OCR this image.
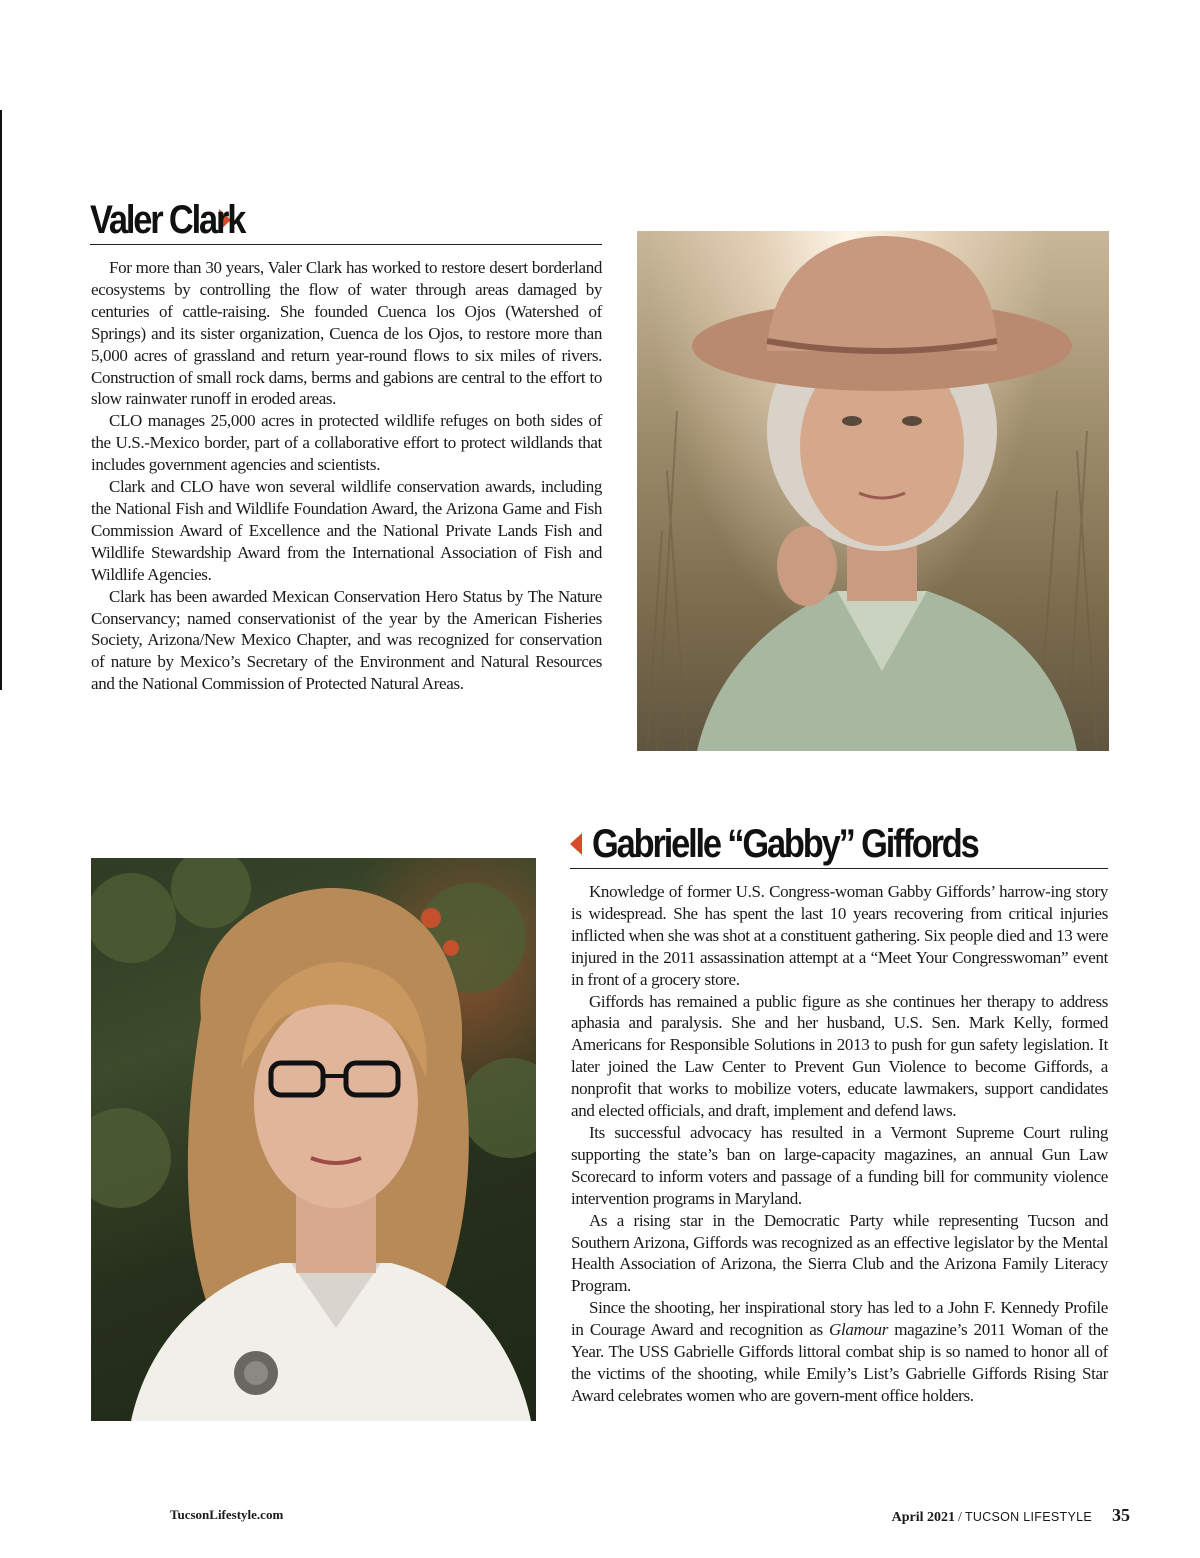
Valer Clark

For more than 30 years, Valer Clark has worked to restore desert borderland ecosystems by controlling the flow of water through areas damaged by centuries of cattle-raising. She founded Cuenca los Ojos (Watershed of Springs) and its sister organization, Cuenca de los Ojos, to restore more than 5,000 acres of grassland and return year-round flows to six miles of rivers. Construction of small rock dams, berms and gabions are central to the effort to slow rainwater runoff in eroded areas.

CLO manages 25,000 acres in protected wildlife refuges on both sides of the U.S.-Mexico border, part of a collaborative effort to protect wildlands that includes government agencies and scientists.

Clark and CLO have won several wildlife conservation awards, including the National Fish and Wildlife Foundation Award, the Arizona Game and Fish Commission Award of Excellence and the National Private Lands Fish and Wildlife Stewardship Award from the International Association of Fish and Wildlife Agencies.

Clark has been awarded Mexican Conservation Hero Status by The Nature Conservancy; named conservationist of the year by the American Fisheries Society, Arizona/New Mexico Chapter, and was recognized for conservation of nature by Mexico’s Secretary of the Environment and Natural Resources and the National Commission of Protected Natural Areas.

Gabrielle “Gabby” Giffords

Knowledge of former U.S. Congress-woman Gabby Giffords’ harrow-ing story is widespread. She has spent the last 10 years recovering from critical injuries inflicted when she was shot at a constituent gathering. Six people died and 13 were injured in the 2011 assassination attempt at a “Meet Your Congresswoman” event in front of a grocery store.

Giffords has remained a public figure as she continues her therapy to address aphasia and paralysis. She and her husband, U.S. Sen. Mark Kelly, formed Americans for Responsible Solutions in 2013 to push for gun safety legislation. It later joined the Law Center to Prevent Gun Violence to become Giffords, a nonprofit that works to mobilize voters, educate lawmakers, support candidates and elected officials, and draft, implement and defend laws.

Its successful advocacy has resulted in a Vermont Supreme Court ruling supporting the state’s ban on large-capacity magazines, an annual Gun Law Scorecard to inform voters and passage of a funding bill for community violence intervention programs in Maryland.

As a rising star in the Democratic Party while representing Tucson and Southern Arizona, Giffords was recognized as an effective legislator by the Mental Health Association of Arizona, the Sierra Club and the Arizona Family Literacy Program.

Since the shooting, her inspirational story has led to a John F. Kennedy Profile in Courage Award and recognition as Glamour magazine’s 2011 Woman of the Year. The USS Gabrielle Giffords littoral combat ship is so named to honor all of the victims of the shooting, while Emily’s List’s Gabrielle Giffords Rising Star Award celebrates women who are govern-ment office holders.

TucsonLifestyle.com	April 2021 / TUCSON LIFESTYLE 35
